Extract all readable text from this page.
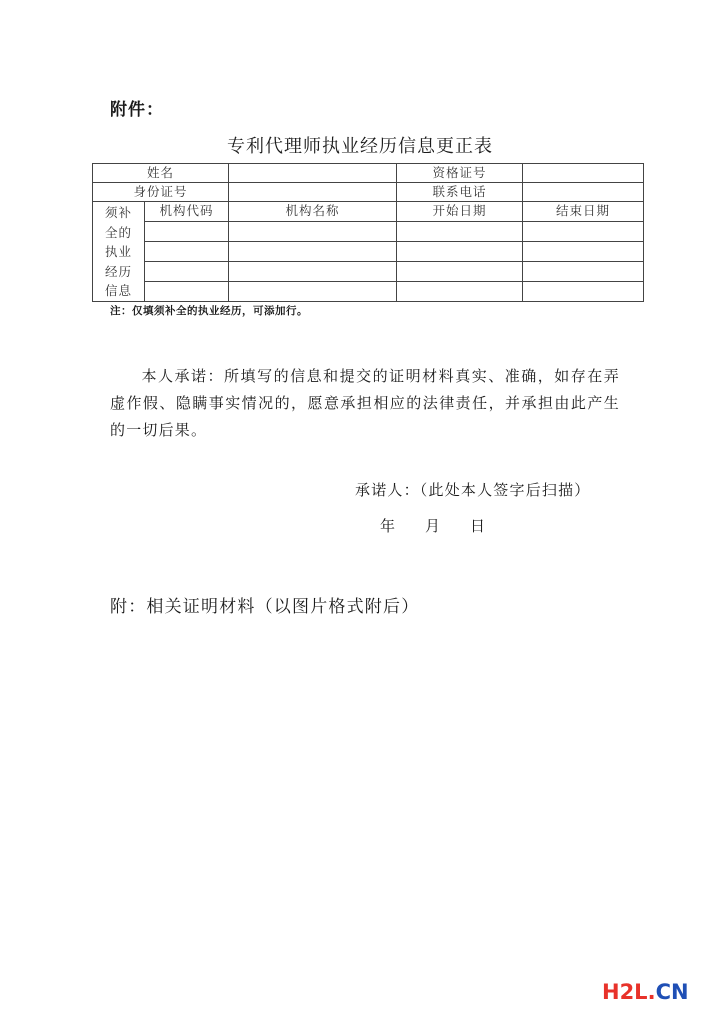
附件：
专利代理师执业经历信息更正表
姓名			资格证号	
身份证号			联系电话	

须补
全的
执业
经历
信息	机构代码	机构名称	开始日期	结束日期

注：仅填须补全的执业经历，可添加行。

本人承诺：所填写的信息和提交的证明材料真实、准确，如存在弄虚作假、隐瞒事实情况的，愿意承担相应的法律责任，并承担由此产生的一切后果。

承诺人：（此处本人签字后扫描）
年 月 日
附：相关证明材料（以图片格式附后）
H2L.CN
